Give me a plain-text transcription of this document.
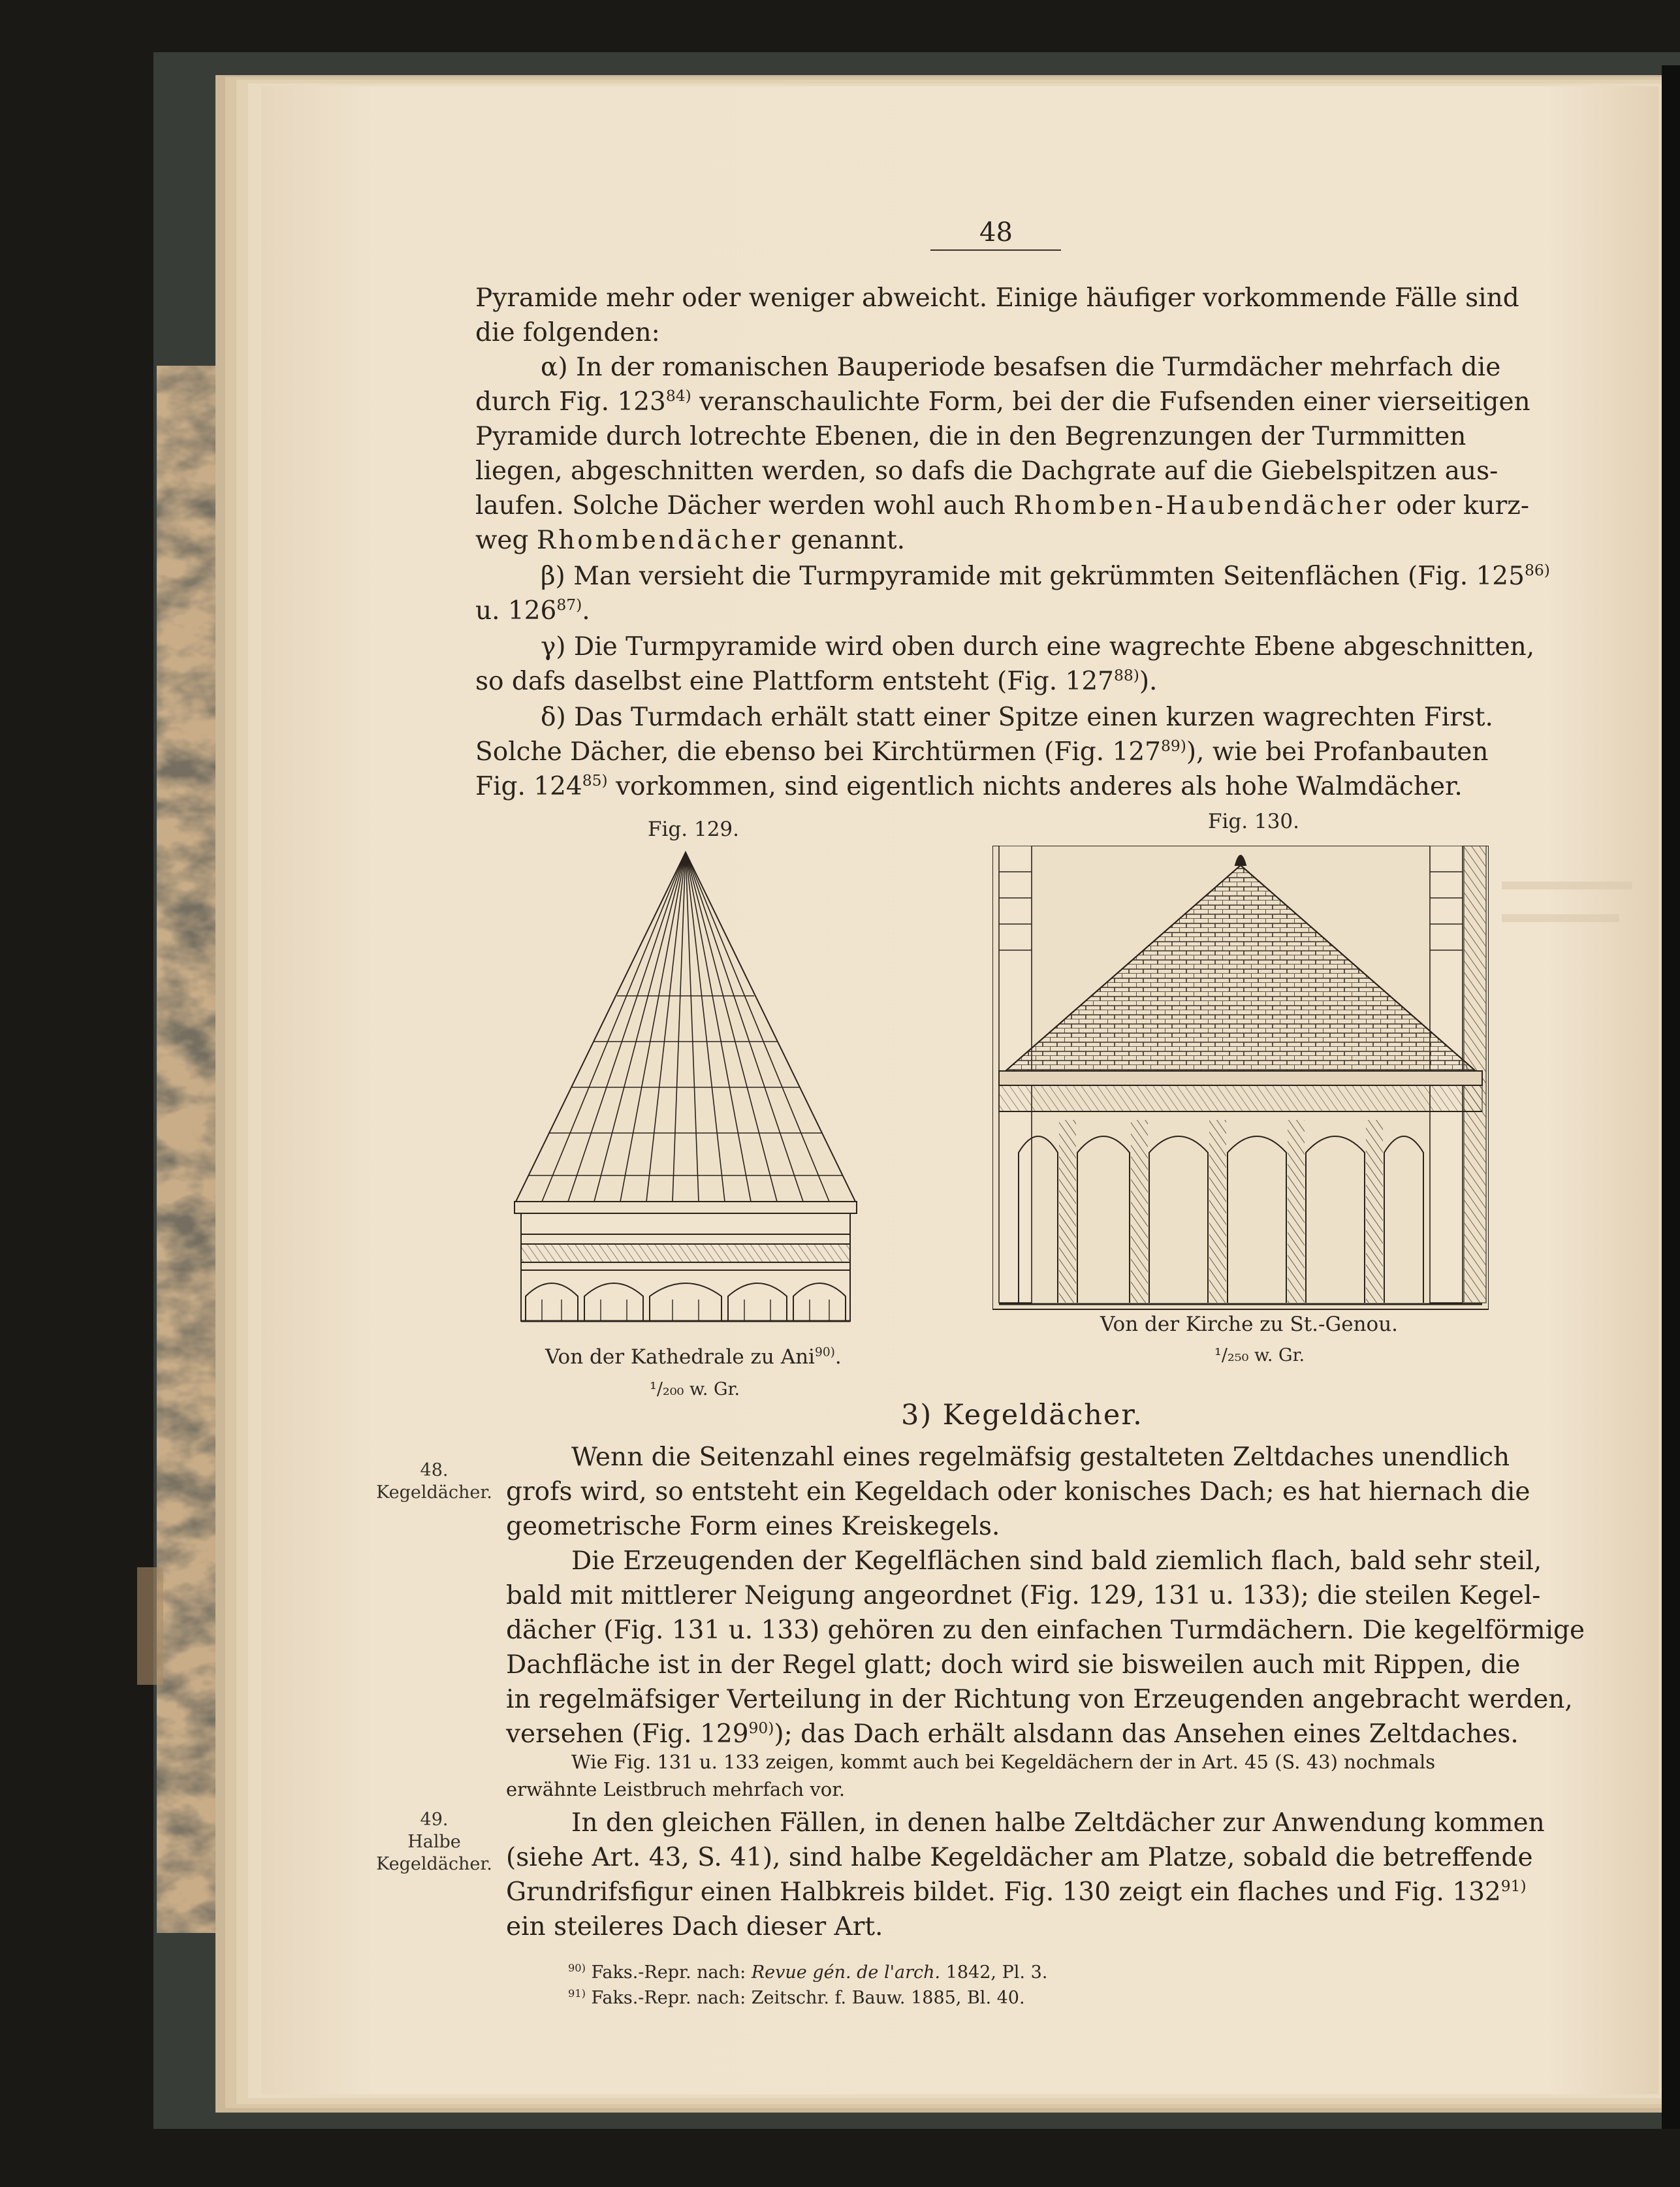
48
Pyramide mehr oder weniger abweicht. Einige häufiger vorkommende Fälle sind
die folgenden:
α) In der romanischen Bauperiode besafsen die Turmdächer mehrfach die
durch Fig. 123$^{84)}$ veranschaulichte Form, bei der die Fufsenden einer vierseitigen
Pyramide durch lotrechte Ebenen, die in den Begrenzungen der Turmmitten
liegen, abgeschnitten werden, so dafs die Dachgrate auf die Giebelspitzen aus-
laufen. Solche Dächer werden wohl auch Rhomben-Haubendächer oder kurz-
weg Rhombendächer genannt.
β) Man versieht die Turmpyramide mit gekrümmten Seitenflächen (Fig. 125$^{86)}$
u. 126$^{87)}$.
γ) Die Turmpyramide wird oben durch eine wagrechte Ebene abgeschnitten,
so dafs daselbst eine Plattform entsteht (Fig. 127$^{88)}$).
δ) Das Turmdach erhält statt einer Spitze einen kurzen wagrechten First.
Solche Dächer, die ebenso bei Kirchtürmen (Fig. 127$^{89)}$), wie bei Profanbauten
Fig. 124$^{85)}$ vorkommen, sind eigentlich nichts anderes als hohe Walmdächer.
Fig. 129.
Von der Kathedrale zu Ani$^{90)}$.
¹/₂₀₀ w. Gr.
Fig. 130.
Von der Kirche zu St.-Genou.
¹/₂₅₀ w. Gr.
3) Kegeldächer.
48.
Kegeldächer.
49.
Halbe
Kegeldächer.
Wenn die Seitenzahl eines regelmäfsig gestalteten Zeltdaches unendlich
grofs wird, so entsteht ein Kegeldach oder konisches Dach; es hat hiernach die
geometrische Form eines Kreiskegels.
Die Erzeugenden der Kegelflächen sind bald ziemlich flach, bald sehr steil,
bald mit mittlerer Neigung angeordnet (Fig. 129, 131 u. 133); die steilen Kegel-
dächer (Fig. 131 u. 133) gehören zu den einfachen Turmdächern. Die kegelförmige
Dachfläche ist in der Regel glatt; doch wird sie bisweilen auch mit Rippen, die
in regelmäfsiger Verteilung in der Richtung von Erzeugenden angebracht werden,
versehen (Fig. 129$^{90)}$); das Dach erhält alsdann das Ansehen eines Zeltdaches.
Wie Fig. 131 u. 133 zeigen, kommt auch bei Kegeldächern der in Art. 45 (S. 43) nochmals
erwähnte Leistbruch mehrfach vor.
In den gleichen Fällen, in denen halbe Zeltdächer zur Anwendung kommen
(siehe Art. 43, S. 41), sind halbe Kegeldächer am Platze, sobald die betreffende
Grundrifsfigur einen Halbkreis bildet. Fig. 130 zeigt ein flaches und Fig. 132$^{91)}$
ein steileres Dach dieser Art.
$^{90)}$ Faks.-Repr. nach: Revue gén. de l'arch. 1842, Pl. 3.
$^{91)}$ Faks.-Repr. nach: Zeitschr. f. Bauw. 1885, Bl. 40.
